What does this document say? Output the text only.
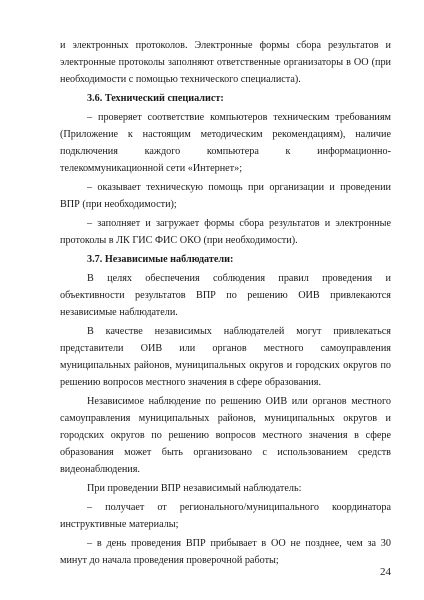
и электронных протоколов. Электронные формы сбора результатов и электронные протоколы заполняют ответственные организаторы в ОО (при необходимости с помощью технического специалиста).

3.6. Технический специалист:

– проверяет соответствие компьютеров техническим требованиям (Приложение к настоящим методическим рекомендациям), наличие подключения каждого компьютера к информационно-телекоммуникационной сети «Интернет»;

– оказывает техническую помощь при организации и проведении ВПР (при необходимости);

– заполняет и загружает формы сбора результатов и электронные протоколы в ЛК ГИС ФИС ОКО (при необходимости).

3.7. Независимые наблюдатели:

В целях обеспечения соблюдения правил проведения и объективности результатов ВПР по решению ОИВ привлекаются независимые наблюдатели.

В качестве независимых наблюдателей могут привлекаться представители ОИВ или органов местного самоуправления муниципальных районов, муниципальных округов и городских округов по решению вопросов местного значения в сфере образования.

Независимое наблюдение по решению ОИВ или органов местного самоуправления муниципальных районов, муниципальных округов и городских округов по решению вопросов местного значения в сфере образования может быть организовано с использованием средств видеонаблюдения.

При проведении ВПР независимый наблюдатель:

– получает от регионального/муниципального координатора инструктивные материалы;

– в день проведения ВПР прибывает в ОО не позднее, чем за 30 минут до начала проведения проверочной работы;

24
